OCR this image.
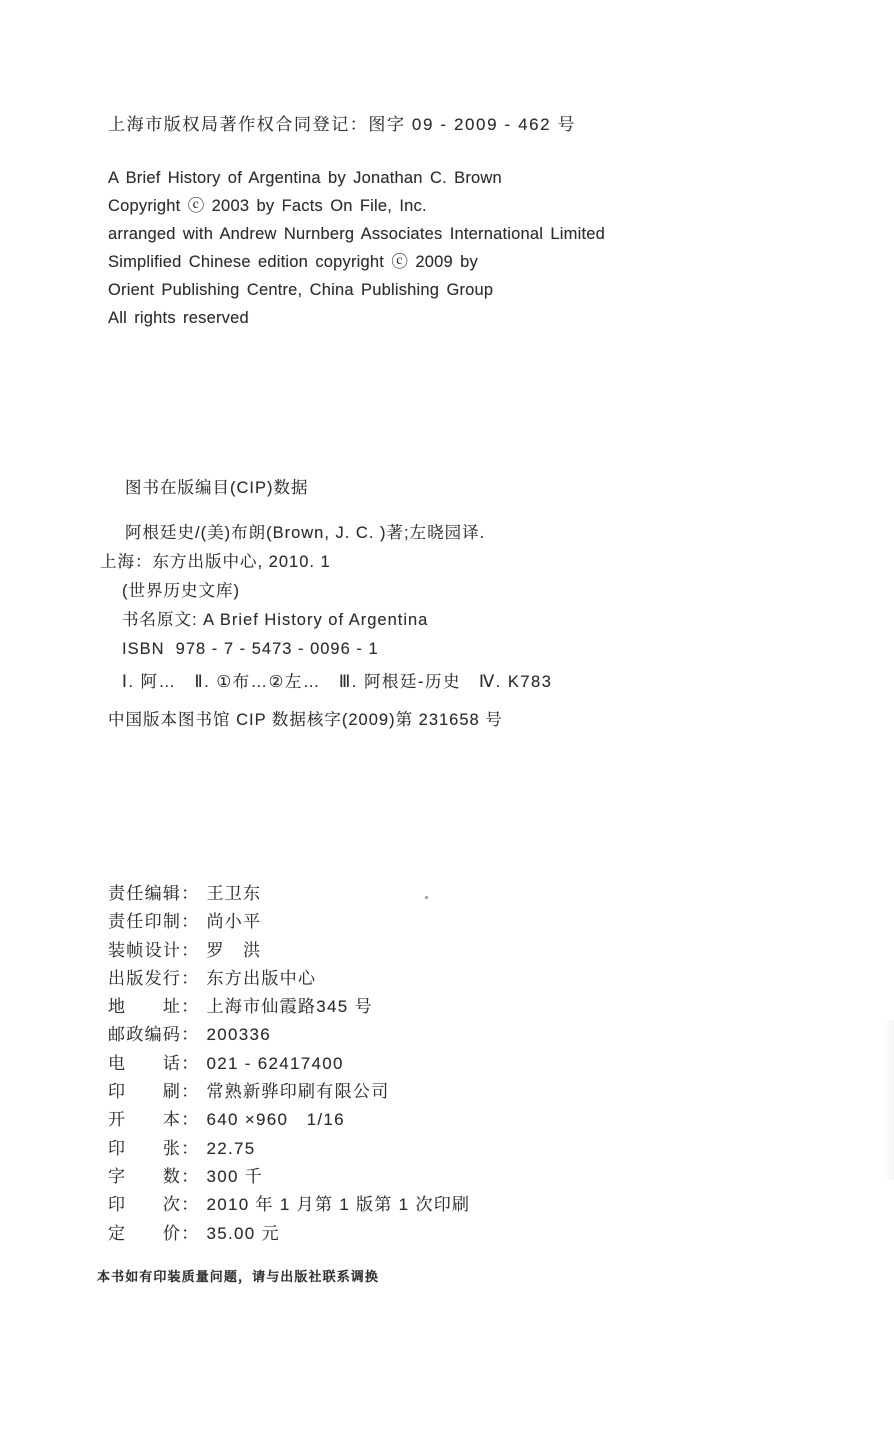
上海市版权局著作权合同登记：图字 09 - 2009 - 462 号
A Brief History of Argentina by Jonathan C. Brown
Copyright ⓒ 2003 by Facts On File, Inc.
arranged with Andrew Nurnberg Associates International Limited
Simplified Chinese edition copyright ⓒ 2009 by
Orient Publishing Centre, China Publishing Group
All rights reserved
图书在版编目(CIP)数据
阿根廷史/(美)布朗(Brown, J. C. )著;左晓园译.
上海：东方出版中心, 2010. 1
(世界历史文库)
书名原文: A Brief History of Argentina
ISBN  978 - 7 - 5473 - 0096 - 1
Ⅰ. 阿…　Ⅱ. ①布…②左…　Ⅲ. 阿根廷-历史　Ⅳ. K783
中国版本图书馆 CIP 数据核字(2009)第 231658 号
责任编辑： 王卫东
责任印制： 尚小平
装帧设计： 罗　洪
出版发行： 东方出版中心
地　　址： 上海市仙霞路345 号
邮政编码： 200336
电　　话： 021 - 62417400
印　　刷： 常熟新骅印刷有限公司
开　　本： 640 ×960　1/16
印　　张： 22.75
字　　数： 300 千
印　　次： 2010 年 1 月第 1 版第 1 次印刷
定　　价： 35.00 元
本书如有印装质量问题，请与出版社联系调换
